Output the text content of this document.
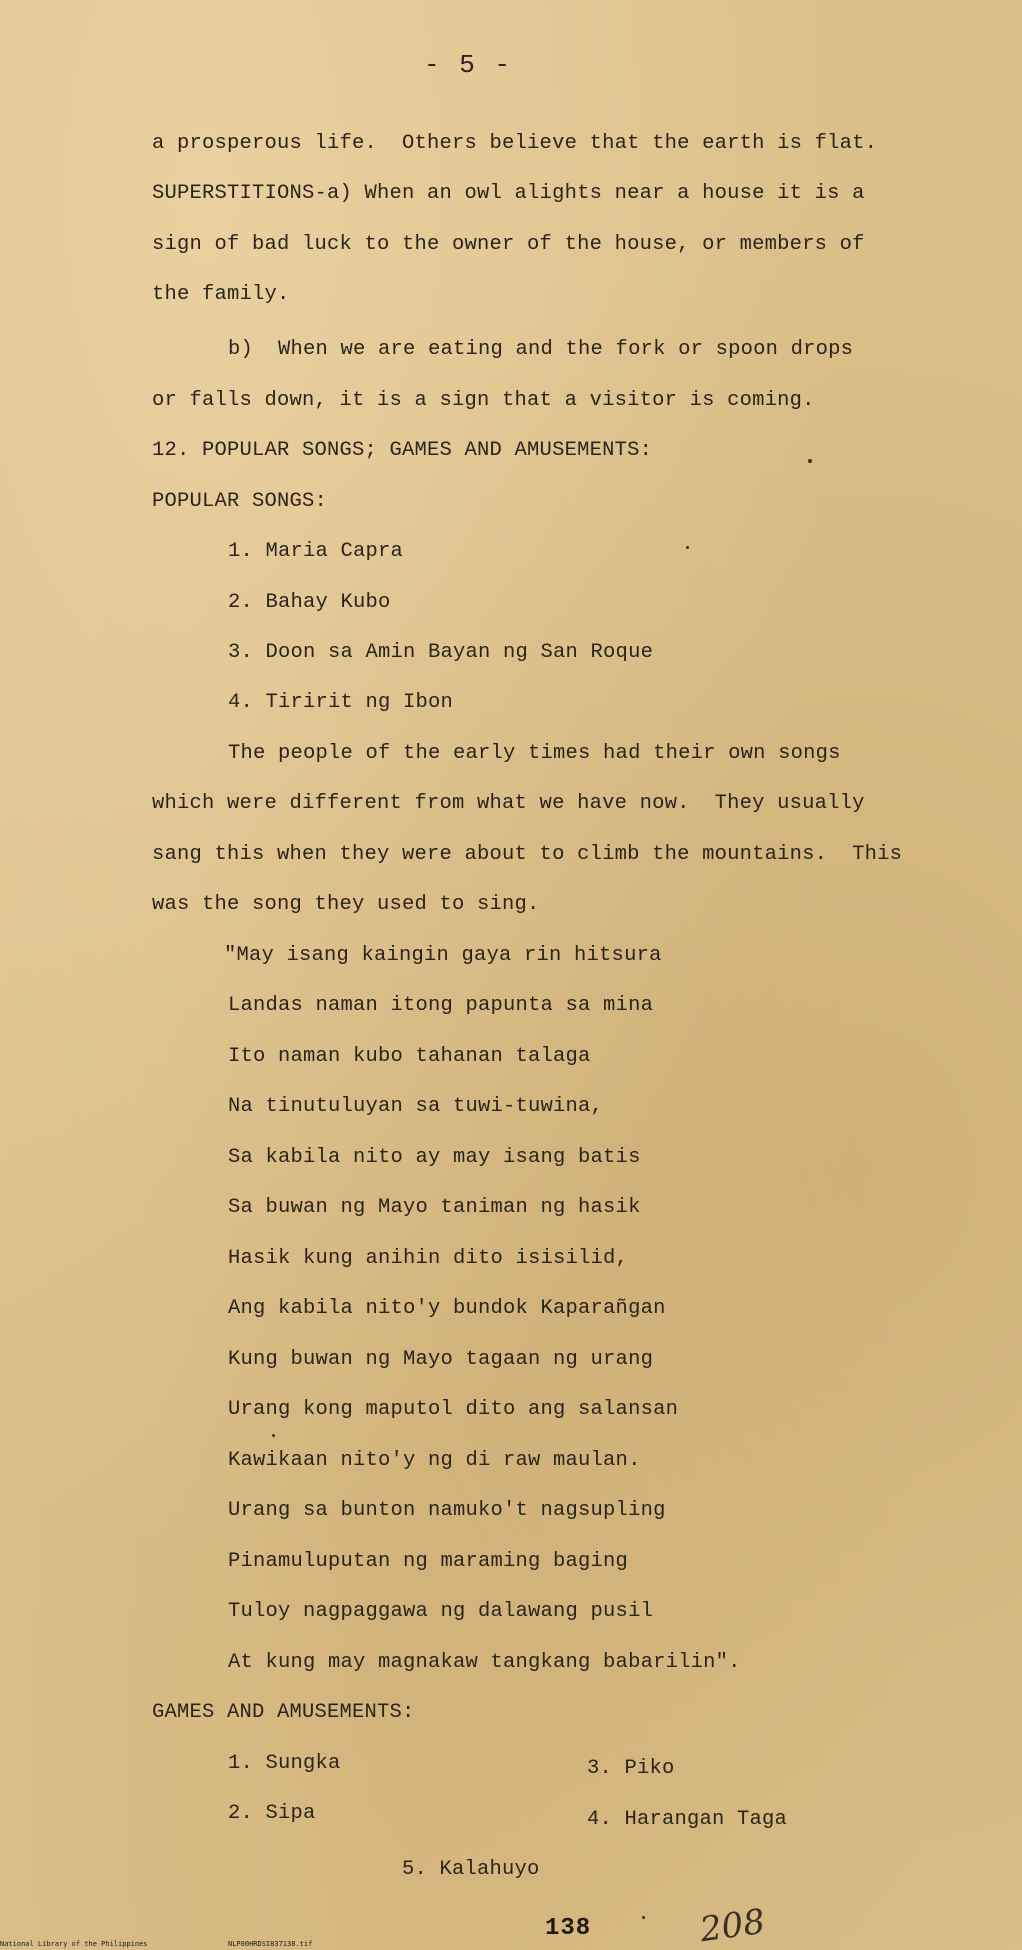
- 5 -
a prosperous life.  Others believe that the earth is flat.
SUPERSTITIONS-a) When an owl alights near a house it is a
sign of bad luck to the owner of the house, or members of
the family.
b)  When we are eating and the fork or spoon drops
or falls down, it is a sign that a visitor is coming.
12. POPULAR SONGS; GAMES AND AMUSEMENTS:
POPULAR SONGS:
1. Maria Capra
2. Bahay Kubo
3. Doon sa Amin Bayan ng San Roque
4. Tiririt ng Ibon
The people of the early times had their own songs
which were different from what we have now.  They usually
sang this when they were about to climb the mountains.  This
was the song they used to sing.
"May isang kaingin gaya rin hitsura
Landas naman itong papunta sa mina
Ito naman kubo tahanan talaga
Na tinutuluyan sa tuwi-tuwina,
Sa kabila nito ay may isang batis
Sa buwan ng Mayo taniman ng hasik
Hasik kung anihin dito isisilid,
Ang kabila nito'y bundok Kaparañgan
Kung buwan ng Mayo tagaan ng urang
Urang kong maputol dito ang salansan
Kawikaan nito'y ng di raw maulan.
Urang sa bunton namuko't nagsupling
Pinamuluputan ng maraming baging
Tuloy nagpaggawa ng dalawang pusil
At kung may magnakaw tangkang babarilin".
GAMES AND AMUSEMENTS:
1. Sungka	3. Piko
2. Sipa	4. Harangan Taga
5. Kalahuyo
138	208
National Library of the Philippines	NLP00HRDSI837138.tif
